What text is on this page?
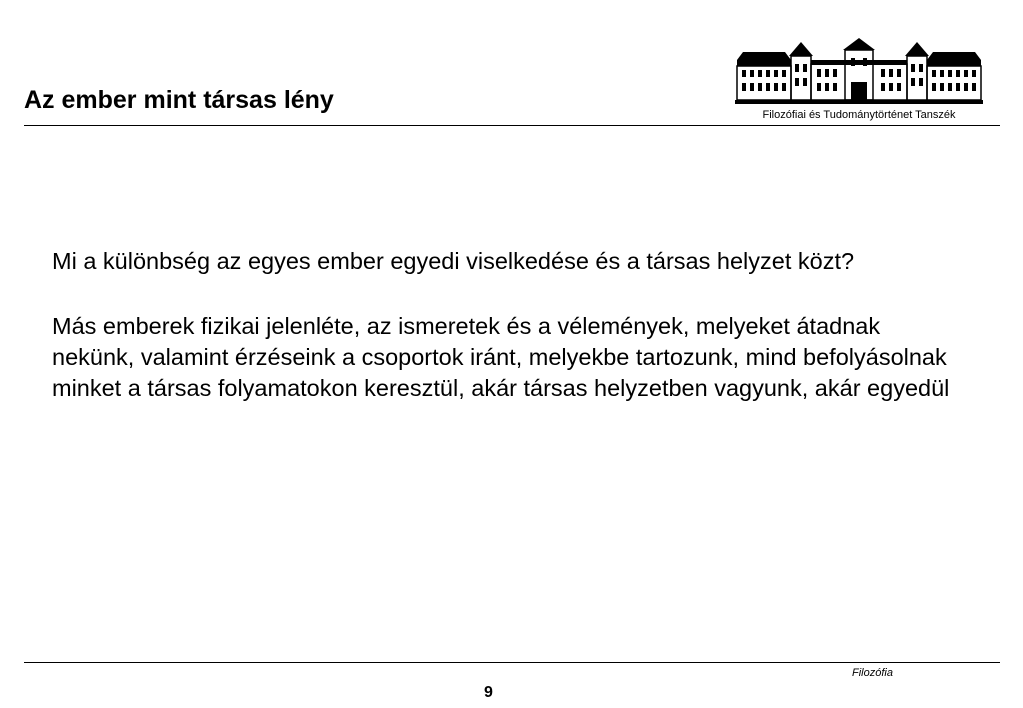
Az ember mint társas lény
Filozófiai és Tudománytörténet Tanszék

Mi a különbség az egyes ember egyedi viselkedése és a társas helyzet közt?

Más emberek fizikai jelenléte, az ismeretek és a vélemények, melyeket átadnak nekünk, valamint érzéseink a csoportok iránt, melyekbe tartozunk, mind befolyásolnak minket a társas folyamatokon keresztül, akár társas helyzetben vagyunk, akár egyedül

Filozófia
9
